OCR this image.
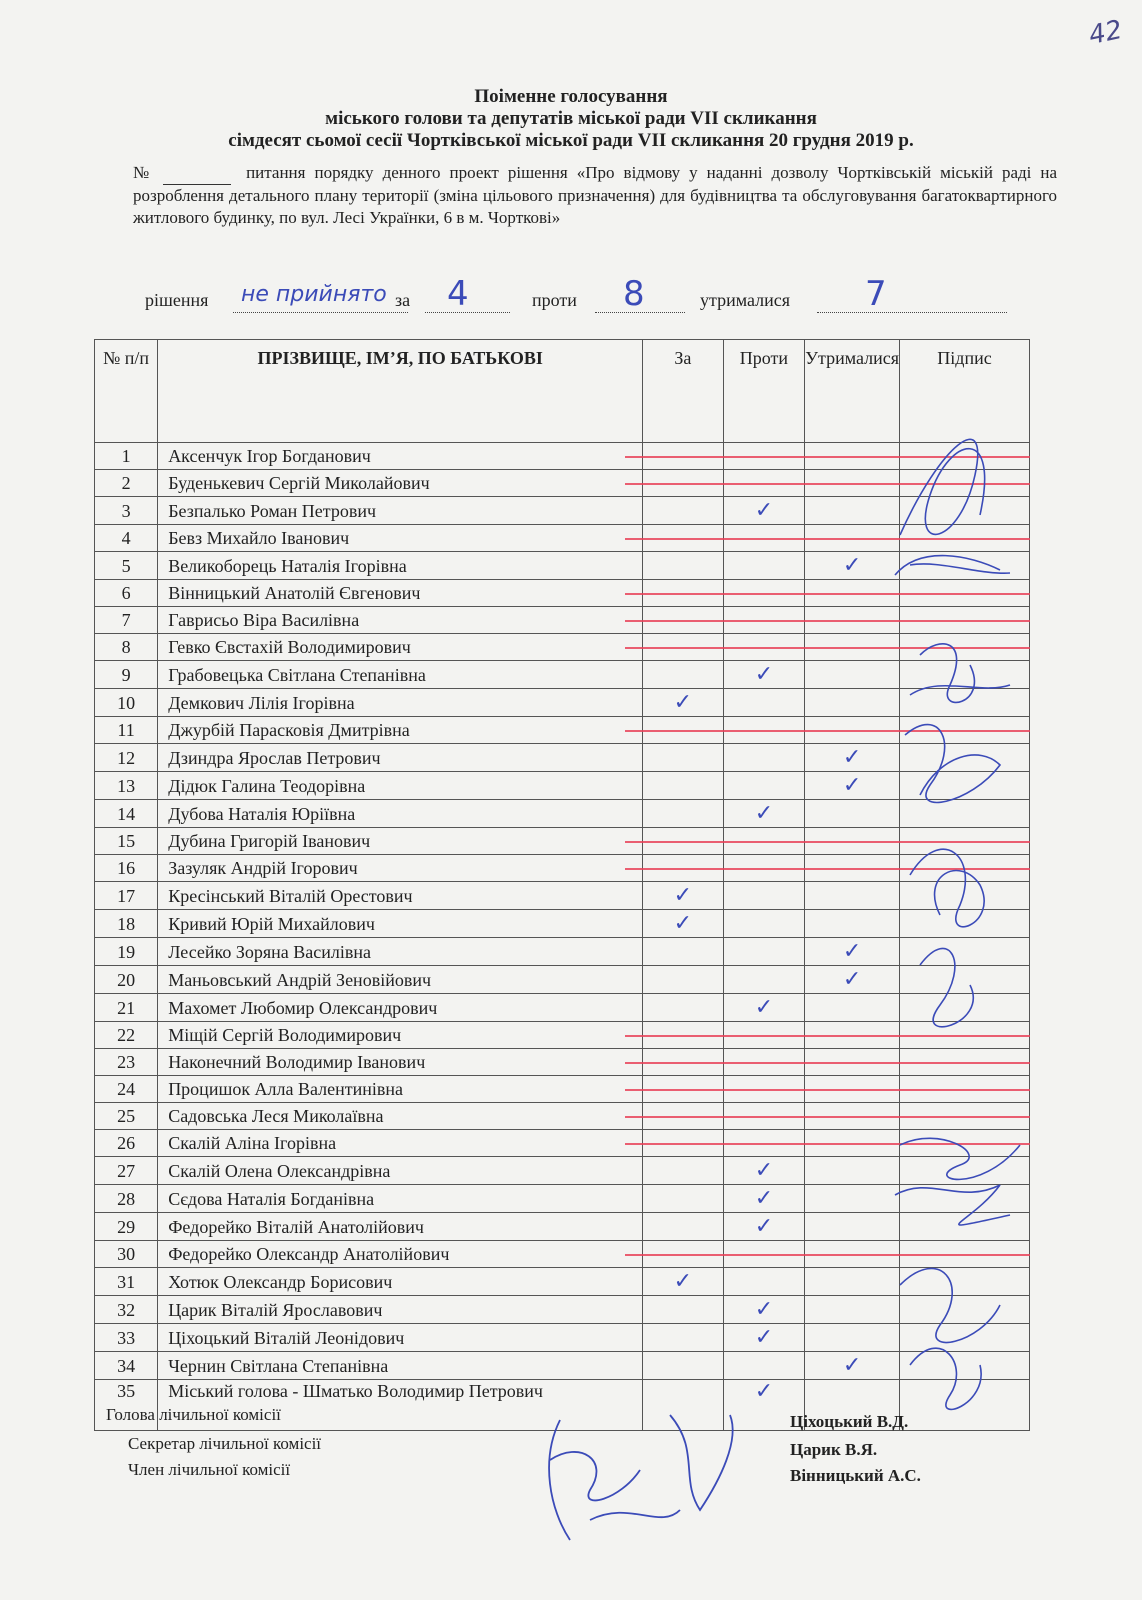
42
Поіменне голосування
міського голови та депутатів міської ради VII скликання
сімдесят сьомої сесії Чортківської міської ради VII скликання 20 грудня 2019 р.
№	питання порядку денного проект рішення «Про відмову у наданні дозволу Чортківській міській раді на розроблення детального плану території (зміна цільового призначення) для будівництва та обслуговування багатоквартирного житлового будинку, по вул. Лесі Українки, 6 в м. Чорткові»
рішення не прийнято за 4	проти 8	утрималися 7
№ п/п	ПРІЗВИЩЕ, ІМ’Я, ПО БАТЬКОВІ	За	Проти	Утрималися	Підпис
1	Аксенчук Ігор Богданович				
2	Буденькевич Сергій Миколайович				
3	Безпалько Роман Петрович		✓		
4	Бевз Михайло Іванович				
5	Великоборець Наталія Ігорівна			✓	
6	Вінницький Анатолій Євгенович				
7	Гаврисьо Віра Василівна				
8	Гевко Євстахій Володимирович				
9	Грабовецька Світлана Степанівна		✓		
10	Демкович Лілія Ігорівна	✓			
11	Джурбій Парасковія Дмитрівна				
12	Дзиндра Ярослав Петрович			✓	
13	Дідюк Галина Теодорівна			✓	
14	Дубова Наталія Юріївна		✓		
15	Дубина Григорій Іванович				
16	Зазуляк Андрій Ігорович				
17	Кресінський Віталій Орестович	✓			
18	Кривий Юрій Михайлович	✓			
19	Лесейко Зоряна Василівна			✓	
20	Маньовський Андрій Зеновійович			✓	
21	Махомет Любомир Олександрович		✓		
22	Міщій Сергій Володимирович				
23	Наконечний Володимир Іванович				
24	Процишок Алла Валентинівна				
25	Садовська Леся Миколаївна				
26	Скалій Аліна Ігорівна				
27	Скалій Олена Олександрівна		✓		
28	Сєдова Наталія Богданівна		✓		
29	Федорейко Віталій Анатолійович		✓		
30	Федорейко Олександр Анатолійович				
31	Хотюк Олександр Борисович	✓			
32	Царик Віталій Ярославович		✓		
33	Ціхоцький Віталій Леонідович		✓		
34	Чернин Світлана Степанівна			✓	
35	Міський голова - Шматько Володимир Петрович		✓		
Голова лічильної комісії
Секретар лічильної комісії
Член лічильної комісії
Ціхоцький В.Д.
Царик В.Я.
Вінницький А.С.
